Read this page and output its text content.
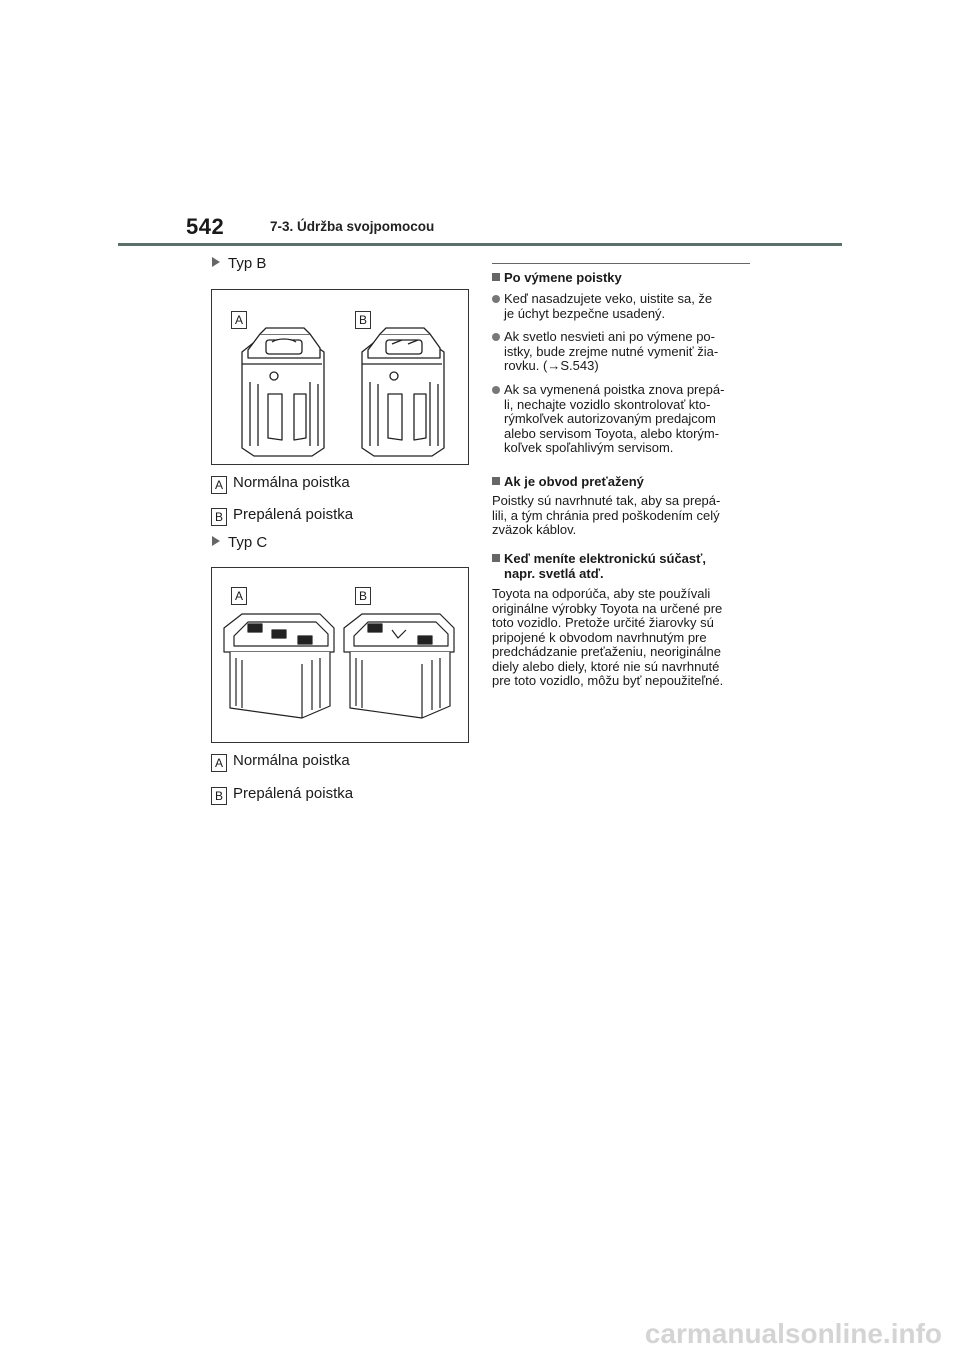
542	7-3. Údržba svojpomocou
Typ B
A	B
A Normálna poistka
B Prepálená poistka
Typ C
A	B
A Normálna poistka
B Prepálená poistka
Po výmene poistky
Keď nasadzujete veko, uistite sa, že
je úchyt bezpečne usadený.
Ak svetlo nesvieti ani po výmene po-
istky, bude zrejme nutné vymeniť žia-
rovku. (→S.543)
Ak sa vymenená poistka znova prepá-
li, nechajte vozidlo skontrolovať kto-
rýmkoľvek autorizovaným predajcom
alebo servisom Toyota, alebo ktorým-
koľvek spoľahlivým servisom.
Ak je obvod preťažený
Poistky sú navrhnuté tak, aby sa prepá-
lili, a tým chránia pred poškodením celý
zväzok káblov.
Keď meníte elektronickú súčasť,
napr. svetlá atď.
Toyota na odporúča, aby ste používali
originálne výrobky Toyota na určené pre
toto vozidlo. Pretože určité žiarovky sú
pripojené k obvodom navrhnutým pre
predchádzanie preťaženiu, neoriginálne
diely alebo diely, ktoré nie sú navrhnuté
pre toto vozidlo, môžu byť nepoužiteľné.
carmanualsonline.info
